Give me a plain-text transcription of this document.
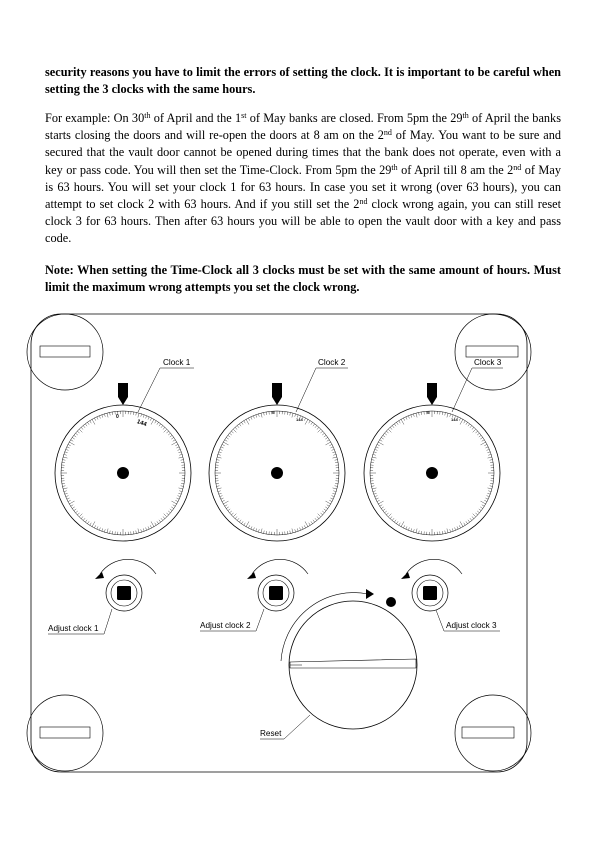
security reasons you have to limit the errors of setting the clock. It is important to be careful when setting the 3 clocks with the same hours.
For example: On 30th of April and the 1st of May banks are closed. From 5pm the 29th of April the banks starts closing the doors and will re-open the doors at 8 am on the 2nd of May. You want to be sure and secured that the vault door cannot be opened during times that the bank does not operate, even with a key or pass code. You will then set the Time-Clock. From 5pm the 29th of April till 8 am the 2nd of May is 63 hours. You will set your clock 1 for 63 hours. In case you set it wrong (over 63 hours), you can attempt to set clock 2 with 63 hours. And if you still set the 2nd clock wrong again, you can still reset clock 3 for 63 hours. Then after 63 hours you will be able to open the vault door with a key and pass code.
Note: When setting the Time-Clock all 3 clocks must be set with the same amount of hours. Must limit the maximum wrong attempts you set the clock wrong.
0
144
0
144
0
144
Clock 1	Clock 2	Clock 3
Adjust clock 1	Adjust clock 2	Adjust clock 3
Reset
